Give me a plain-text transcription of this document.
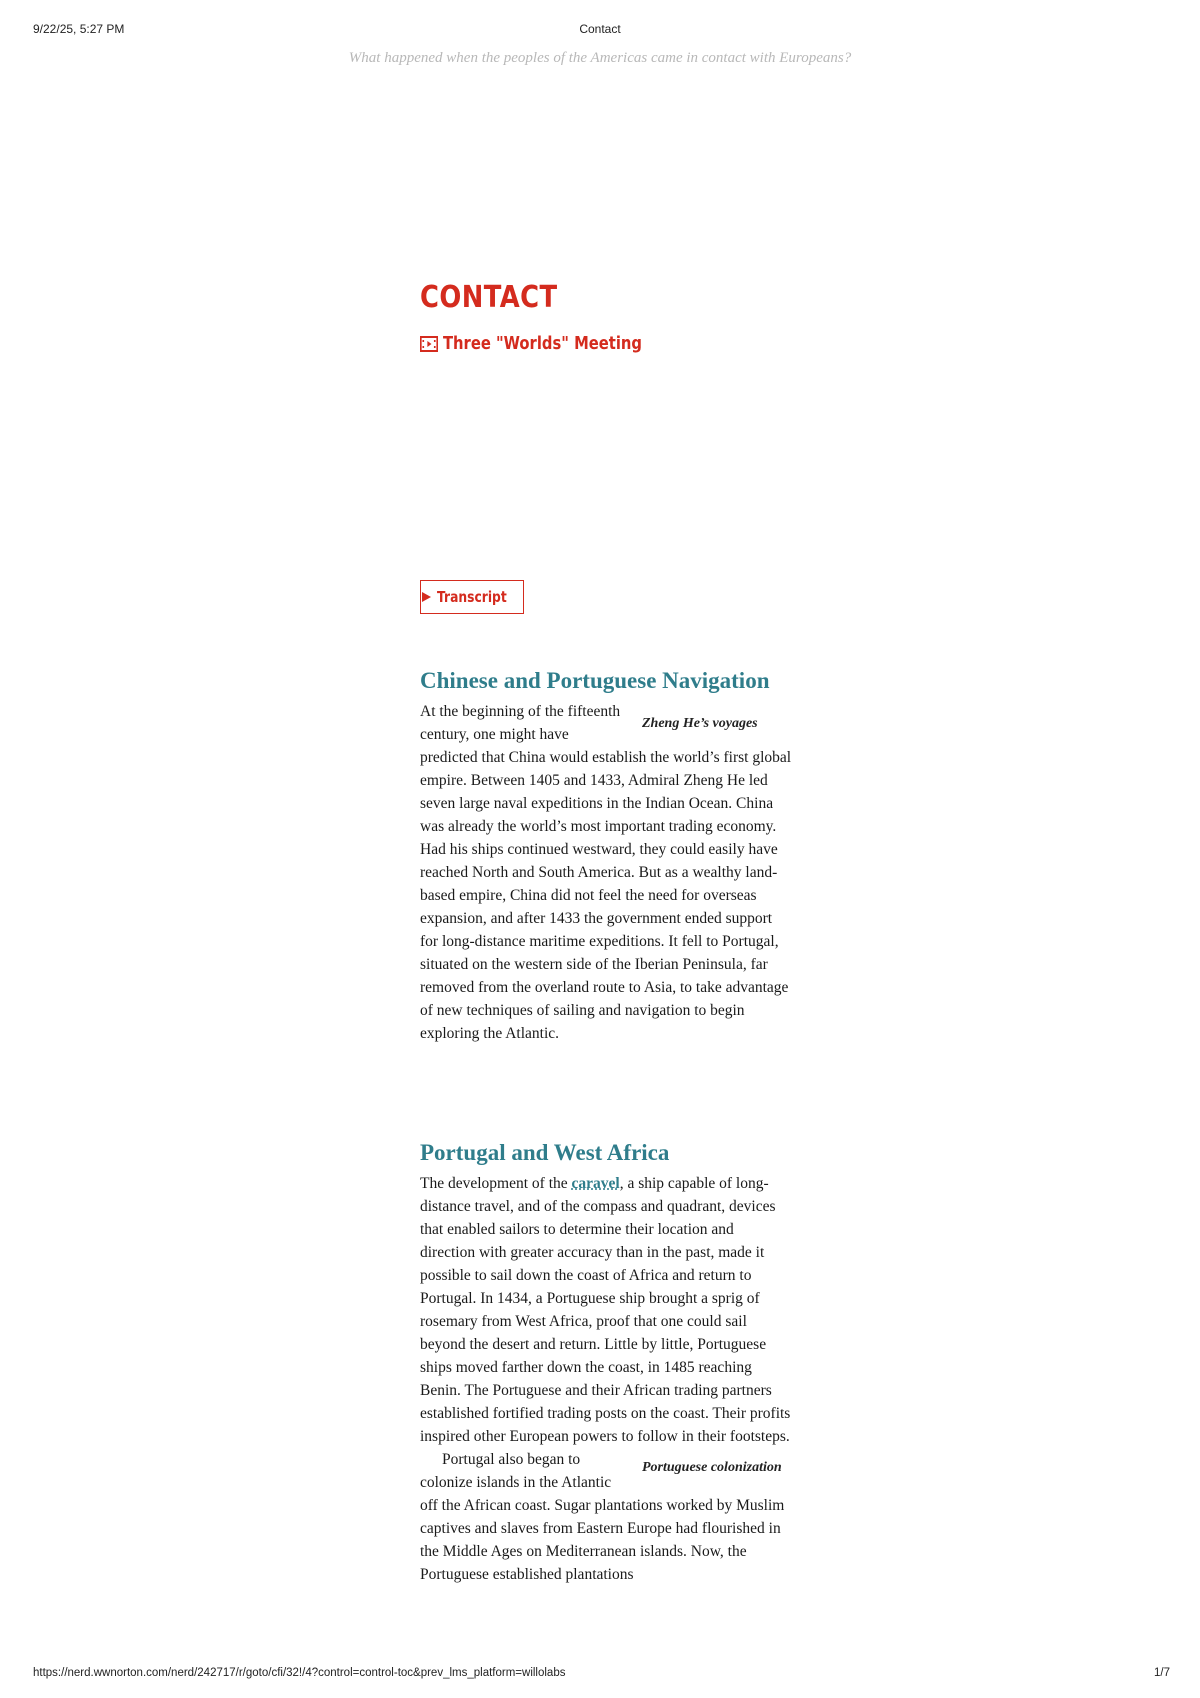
9/22/25, 5:27 PM	Contact
What happened when the peoples of the Americas came in contact with Europeans?
CONTACT
Three "Worlds" Meeting
Transcript
Chinese and Portuguese Navigation
Zheng He’s voyages

At the beginning of the fifteenth century, one might have predicted that China would establish the world’s first global empire. Between 1405 and 1433, Admiral Zheng He led seven large naval expeditions in the Indian Ocean. China was already the world’s most important trading economy. Had his ships continued westward, they could easily have reached North and South America. But as a wealthy land-based empire, China did not feel the need for overseas expansion, and after 1433 the government ended support for long-distance maritime expeditions. It fell to Portugal, situated on the western side of the Iberian Peninsula, far removed from the overland route to Asia, to take advantage of new techniques of sailing and navigation to begin exploring the Atlantic.

Portugal and West Africa

The development of the caravel, a ship capable of long-distance travel, and of the compass and quadrant, devices that enabled sailors to determine their location and direction with greater accuracy than in the past, made it possible to sail down the coast of Africa and return to Portugal. In 1434, a Portuguese ship brought a sprig of rosemary from West Africa, proof that one could sail beyond the desert and return. Little by little, Portuguese ships moved farther down the coast, in 1485 reaching Benin. The Portuguese and their African trading partners established fortified trading posts on the coast. Their profits inspired other European powers to follow in their footsteps.

Portuguese colonization

Portugal also began to colonize islands in the Atlantic off the African coast. Sugar plantations worked by Muslim captives and slaves from Eastern Europe had flourished in the Middle Ages on Mediterranean islands. Now, the Portuguese established plantations

https://nerd.wwnorton.com/nerd/242717/r/goto/cfi/32!/4?control=control-toc&prev_lms_platform=willolabs	1/7
